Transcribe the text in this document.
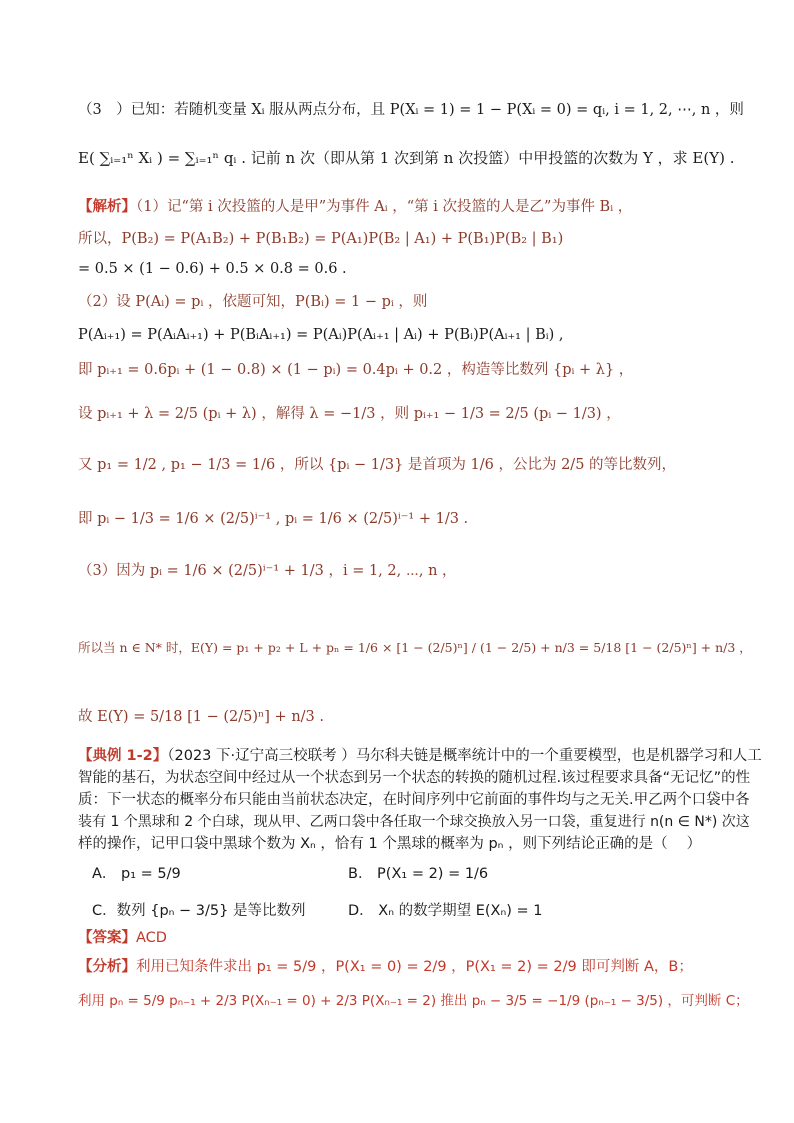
（3　）已知：若随机变量 Xᵢ 服从两点分布，且 P(Xᵢ = 1) = 1 − P(Xᵢ = 0) = qᵢ, i = 1, 2, ⋯, n ，则
E( ∑ᵢ₌₁ⁿ Xᵢ ) = ∑ᵢ₌₁ⁿ qᵢ . 记前 n 次（即从第 1 次到第 n 次投篮）中甲投篮的次数为 Y ，求 E(Y) .
【解析】（1）记“第 i 次投篮的人是甲”为事件 Aᵢ ，“第 i 次投篮的人是乙”为事件 Bᵢ ，
所以，P(B₂) = P(A₁B₂) + P(B₁B₂) = P(A₁)P(B₂ | A₁) + P(B₁)P(B₂ | B₁)
= 0.5 × (1 − 0.6) + 0.5 × 0.8 = 0.6 .
（2）设 P(Aᵢ) = pᵢ ，依题可知，P(Bᵢ) = 1 − pᵢ ，则
P(Aᵢ₊₁) = P(AᵢAᵢ₊₁) + P(BᵢAᵢ₊₁) = P(Aᵢ)P(Aᵢ₊₁ | Aᵢ) + P(Bᵢ)P(Aᵢ₊₁ | Bᵢ) ,
即 pᵢ₊₁ = 0.6pᵢ + (1 − 0.8) × (1 − pᵢ) = 0.4pᵢ + 0.2 ，构造等比数列 {pᵢ + λ} ，
设 pᵢ₊₁ + λ = 2/5 (pᵢ + λ) ，解得 λ = −1/3 ，则 pᵢ₊₁ − 1/3 = 2/5 (pᵢ − 1/3) ，
又 p₁ = 1/2 , p₁ − 1/3 = 1/6 ，所以 {pᵢ − 1/3} 是首项为 1/6 ，公比为 2/5 的等比数列，
即 pᵢ − 1/3 = 1/6 × (2/5)ⁱ⁻¹ , pᵢ = 1/6 × (2/5)ⁱ⁻¹ + 1/3 .
（3）因为 pᵢ = 1/6 × (2/5)ⁱ⁻¹ + 1/3 ，i = 1, 2, ⋯, n ，
所以当 n ∈ N* 时，E(Y) = p₁ + p₂ + L + pₙ = 1/6 × [1 − (2/5)ⁿ] / (1 − 2/5) + n/3 = 5/18 [1 − (2/5)ⁿ] + n/3 ，
故 E(Y) = 5/18 [1 − (2/5)ⁿ] + n/3 .
【典例 1-2】（2023 下·辽宁高三校联考 ）马尔科夫链是概率统计中的一个重要模型，也是机器学习和人工
智能的基石，为状态空间中经过从一个状态到另一个状态的转换的随机过程.该过程要求具备“无记忆”的性
质：下一状态的概率分布只能由当前状态决定，在时间序列中它前面的事件均与之无关.甲乙两个口袋中各
装有 1 个黑球和 2 个白球，现从甲、乙两口袋中各任取一个球交换放入另一口袋，重复进行 n(n ∈ N*) 次这
样的操作，记甲口袋中黑球个数为 Xₙ ，恰有 1 个黑球的概率为 pₙ ，则下列结论正确的是（　 ）
A． p₁ = 5/9	B． P(X₁ = 2) = 1/6
C．数列 {pₙ − 3/5} 是等比数列	D． Xₙ 的数学期望 E(Xₙ) = 1
【答案】ACD
【分析】利用已知条件求出 p₁ = 5/9 ，P(X₁ = 0) = 2/9 ，P(X₁ = 2) = 2/9 即可判断 A，B；
利用 pₙ = 5/9 pₙ₋₁ + 2/3 P(Xₙ₋₁ = 0) + 2/3 P(Xₙ₋₁ = 2) 推出 pₙ − 3/5 = −1/9 (pₙ₋₁ − 3/5) ，可判断 C；
